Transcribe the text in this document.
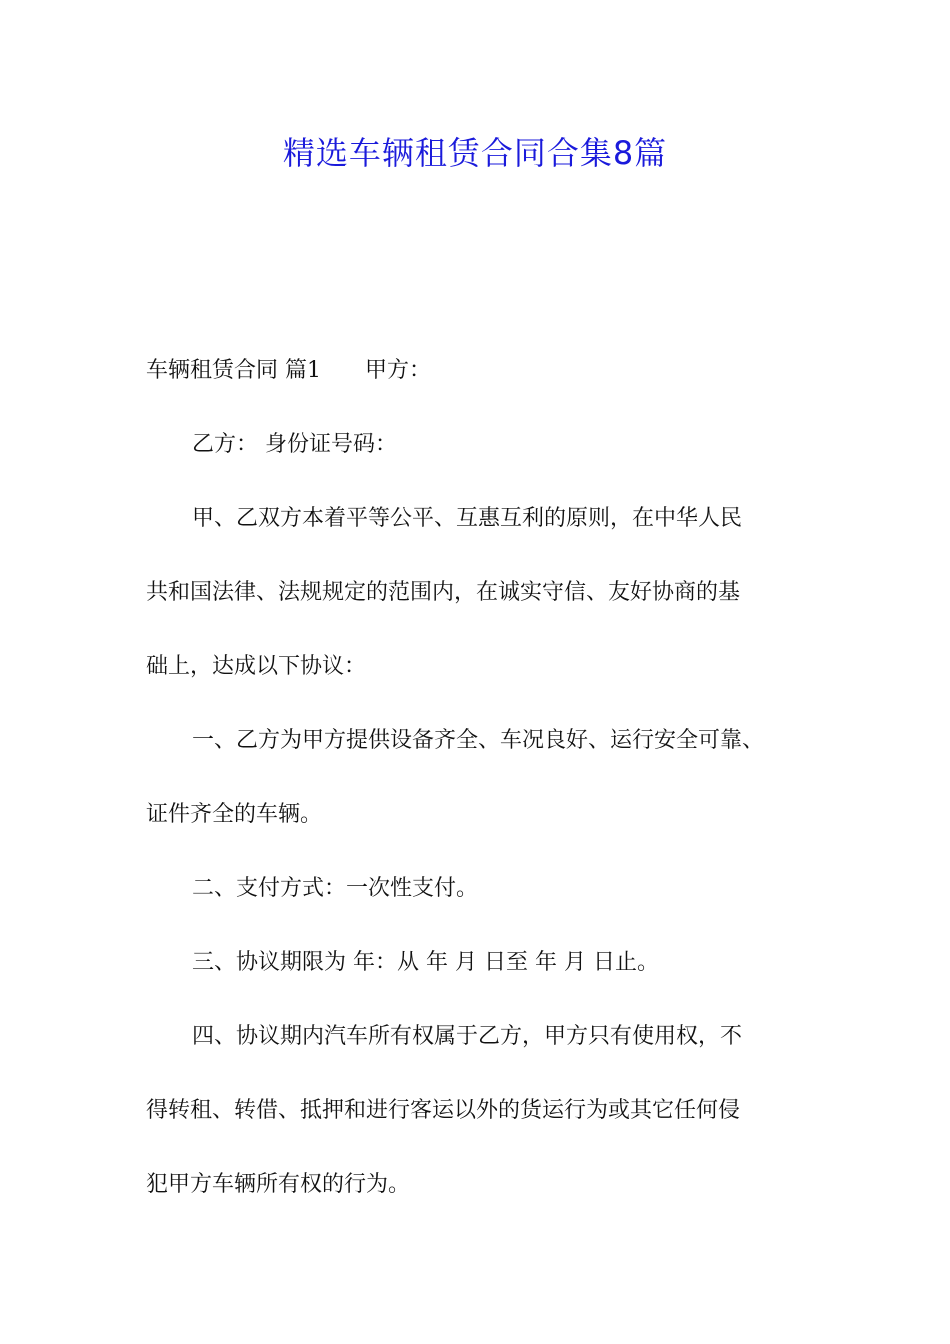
精选车辆租赁合同合集8篇
车辆租赁合同 篇1 甲方：
乙方： 身份证号码：
甲、乙双方本着平等公平、互惠互利的原则，在中华人民
共和国法律、法规规定的范围内，在诚实守信、友好协商的基
础上，达成以下协议：
一、乙方为甲方提供设备齐全、车况良好、运行安全可靠、
证件齐全的车辆。
二、支付方式：一次性支付。
三、协议期限为 年：从 年 月 日至 年 月 日止。
四、协议期内汽车所有权属于乙方，甲方只有使用权，不
得转租、转借、抵押和进行客运以外的货运行为或其它任何侵
犯甲方车辆所有权的行为。
